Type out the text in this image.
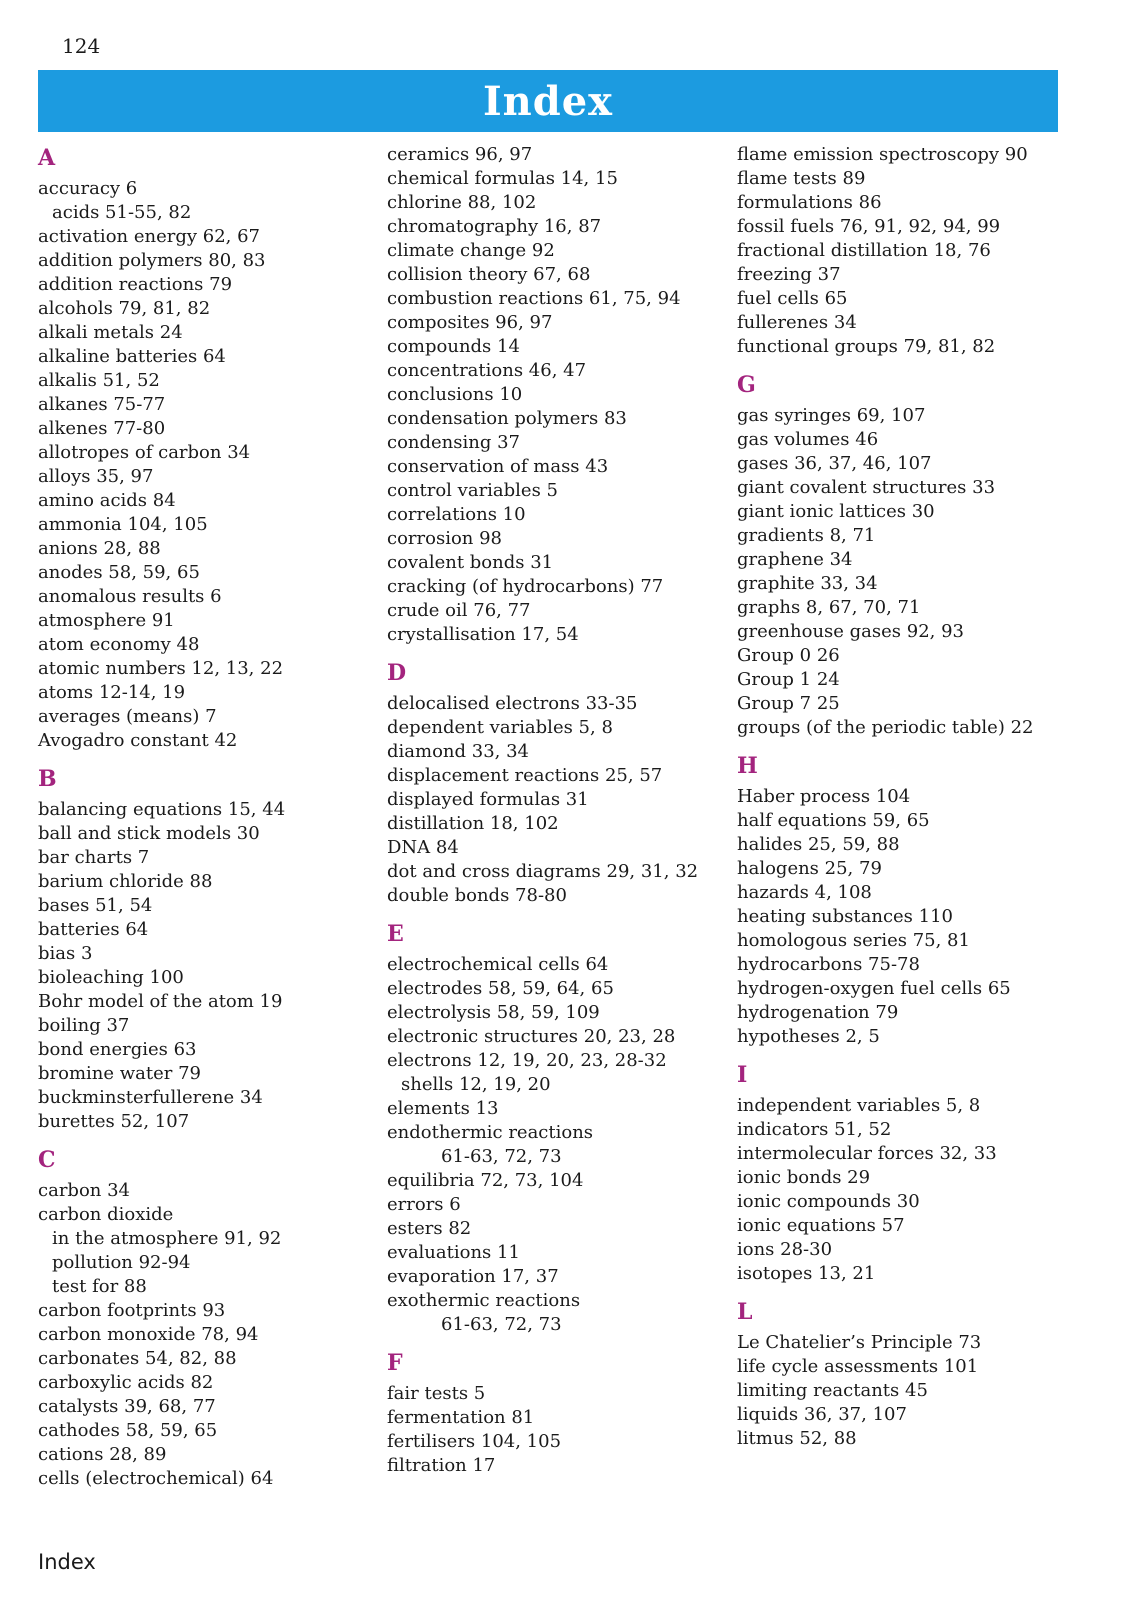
124
Index
A
accuracy 6
acids 51-55, 82
activation energy 62, 67
addition polymers 80, 83
addition reactions 79
alcohols 79, 81, 82
alkali metals 24
alkaline batteries 64
alkalis 51, 52
alkanes 75-77
alkenes 77-80
allotropes of carbon 34
alloys 35, 97
amino acids 84
ammonia 104, 105
anions 28, 88
anodes 58, 59, 65
anomalous results 6
atmosphere 91
atom economy 48
atomic numbers 12, 13, 22
atoms 12-14, 19
averages (means) 7
Avogadro constant 42
B
balancing equations 15, 44
ball and stick models 30
bar charts 7
barium chloride 88
bases 51, 54
batteries 64
bias 3
bioleaching 100
Bohr model of the atom 19
boiling 37
bond energies 63
bromine water 79
buckminsterfullerene 34
burettes 52, 107
C
carbon 34
carbon dioxide
in the atmosphere 91, 92
pollution 92-94
test for 88
carbon footprints 93
carbon monoxide 78, 94
carbonates 54, 82, 88
carboxylic acids 82
catalysts 39, 68, 77
cathodes 58, 59, 65
cations 28, 89
cells (electrochemical) 64
ceramics 96, 97
chemical formulas 14, 15
chlorine 88, 102
chromatography 16, 87
climate change 92
collision theory 67, 68
combustion reactions 61, 75, 94
composites 96, 97
compounds 14
concentrations 46, 47
conclusions 10
condensation polymers 83
condensing 37
conservation of mass 43
control variables 5
correlations 10
corrosion 98
covalent bonds 31
cracking (of hydrocarbons) 77
crude oil 76, 77
crystallisation 17, 54
D
delocalised electrons 33-35
dependent variables 5, 8
diamond 33, 34
displacement reactions 25, 57
displayed formulas 31
distillation 18, 102
DNA 84
dot and cross diagrams 29, 31, 32
double bonds 78-80
E
electrochemical cells 64
electrodes 58, 59, 64, 65
electrolysis 58, 59, 109
electronic structures 20, 23, 28
electrons 12, 19, 20, 23, 28-32
shells 12, 19, 20
elements 13
endothermic reactions
61-63, 72, 73
equilibria 72, 73, 104
errors 6
esters 82
evaluations 11
evaporation 17, 37
exothermic reactions
61-63, 72, 73
F
fair tests 5
fermentation 81
fertilisers 104, 105
filtration 17
flame emission spectroscopy 90
flame tests 89
formulations 86
fossil fuels 76, 91, 92, 94, 99
fractional distillation 18, 76
freezing 37
fuel cells 65
fullerenes 34
functional groups 79, 81, 82
G
gas syringes 69, 107
gas volumes 46
gases 36, 37, 46, 107
giant covalent structures 33
giant ionic lattices 30
gradients 8, 71
graphene 34
graphite 33, 34
graphs 8, 67, 70, 71
greenhouse gases 92, 93
Group 0 26
Group 1 24
Group 7 25
groups (of the periodic table) 22
H
Haber process 104
half equations 59, 65
halides 25, 59, 88
halogens 25, 79
hazards 4, 108
heating substances 110
homologous series 75, 81
hydrocarbons 75-78
hydrogen-oxygen fuel cells 65
hydrogenation 79
hypotheses 2, 5
I
independent variables 5, 8
indicators 51, 52
intermolecular forces 32, 33
ionic bonds 29
ionic compounds 30
ionic equations 57
ions 28-30
isotopes 13, 21
L
Le Chatelier’s Principle 73
life cycle assessments 101
limiting reactants 45
liquids 36, 37, 107
litmus 52, 88
Index
